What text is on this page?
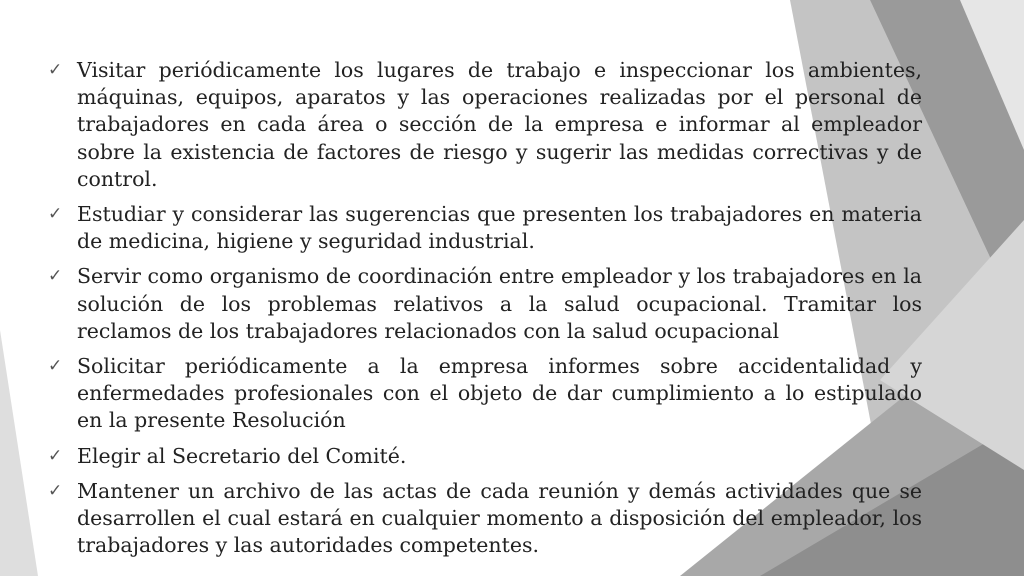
✓ Visitar periódicamente los lugares de trabajo e inspeccionar los ambientes, máquinas, equipos, aparatos y las operaciones realizadas por el personal de trabajadores en cada área o sección de la empresa e informar al empleador sobre la existencia de factores de riesgo y sugerir las medidas correctivas y de control.
✓ Estudiar y considerar las sugerencias que presenten los trabajadores en materia de medicina, higiene y seguridad industrial.
✓ Servir como organismo de coordinación entre empleador y los trabajadores en la solución de los problemas relativos a la salud ocupacional. Tramitar los reclamos de los trabajadores relacionados con la salud ocupacional
✓ Solicitar periódicamente a la empresa informes sobre accidentalidad y enfermedades profesionales con el objeto de dar cumplimiento a lo estipulado en la presente Resolución
✓ Elegir al Secretario del Comité.
✓ Mantener un archivo de las actas de cada reunión y demás actividades que se desarrollen el cual estará en cualquier momento a disposición del empleador, los trabajadores y las autoridades competentes.
